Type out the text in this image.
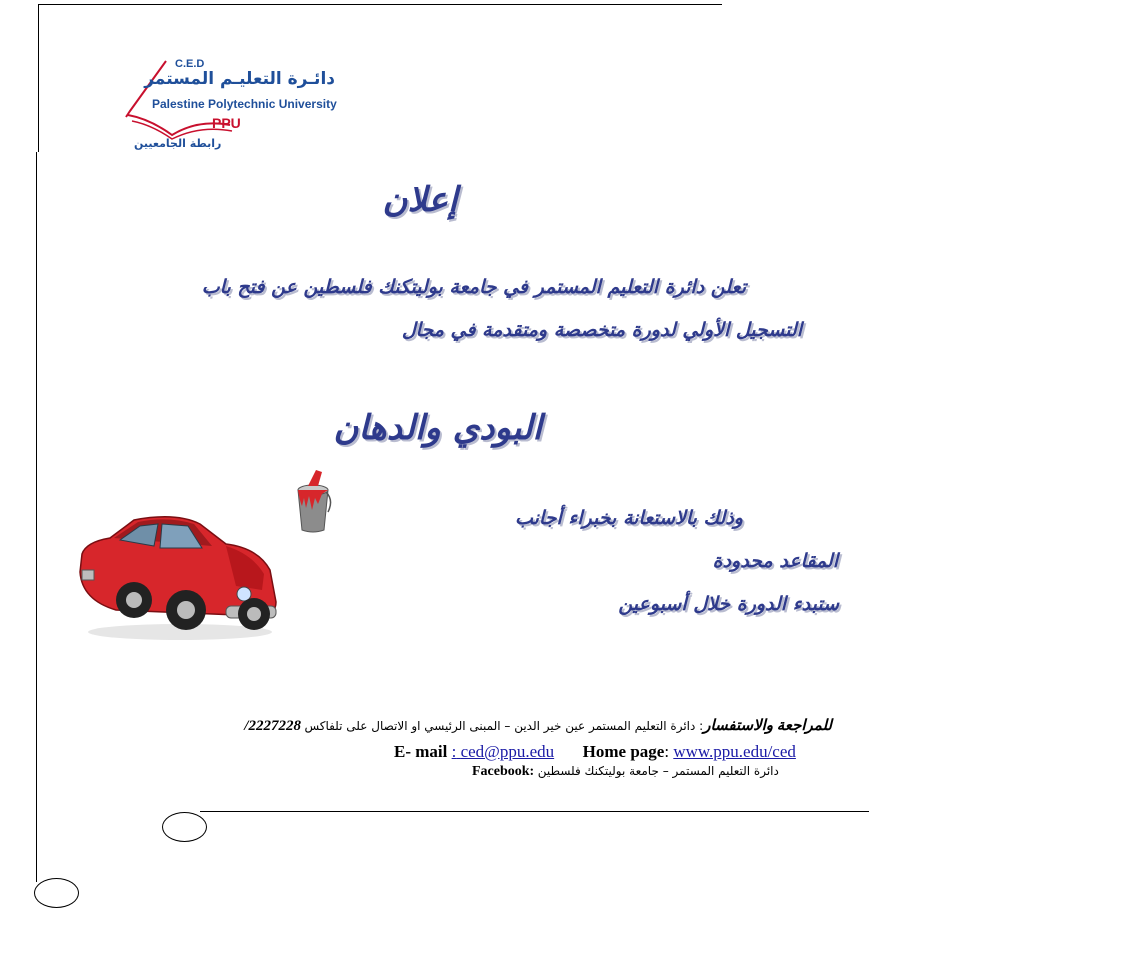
C.E.D
دائـرة التعليـم المستمر
Palestine Polytechnic University
PPU
رابطة الجامعيين
إعلان
تعلن دائرة التعليم المستمر في جامعة بوليتكنك فلسطين عن فتح باب
التسجيل الأولي لدورة متخصصة ومتقدمة في مجال
البودي والدهان
وذلك بالاستعانة بخبراء أجانب
المقاعد محدودة
ستبدء الدورة خلال أسبوعين
للمراجعة والاستفسار: دائرة التعليم المستمر عين خير الدين – المبنى الرئيسي او الاتصال على تلفاكس 2227228/
E- mail : ced@ppu.edu Home page: www.ppu.edu/ced
Facebook: دائرة التعليم المستمر – جامعة بوليتكنك فلسطين
